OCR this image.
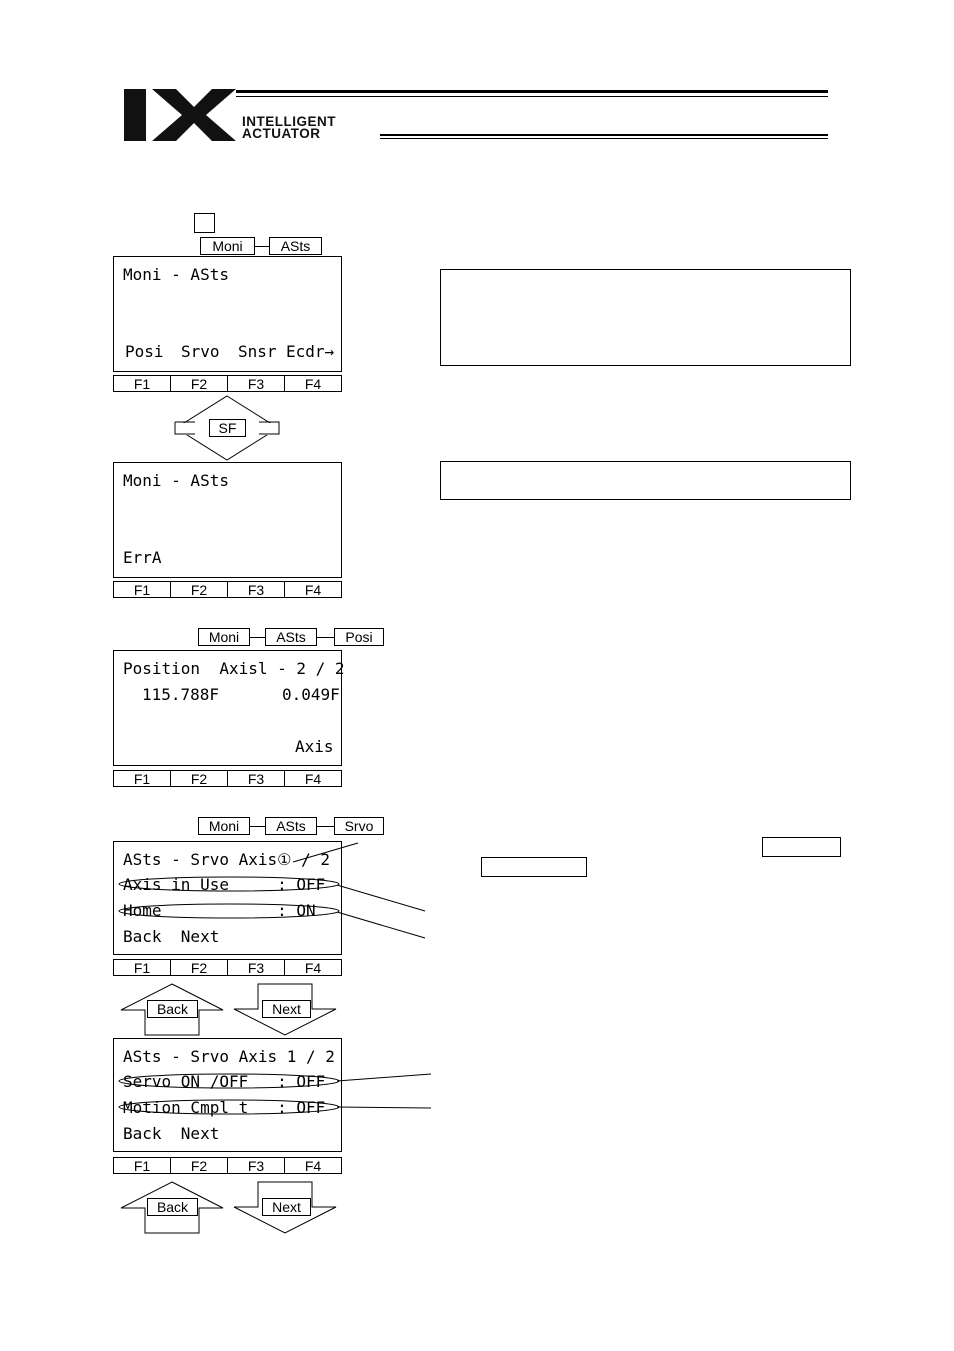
INTELLIGENT
ACTUATOR
Moni	ASts
Moni - ASts
Posi Srvo Snsr Ecdr→
F1	F2	F3	F4
SF
Moni - ASts
ErrA
F1	F2	F3	F4
Moni	ASts	Posi
Position  Axisl - 2 / 2
115.788F	0.049F
Axis
F1	F2	F3	F4
Moni	ASts	Srvo
ASts - Srvo Axis① / 2
Axis in Use     : OFF
Home            : ON
Back  Next
F1	F2	F3	F4
Back	Next
ASts - Srvo Axis 1 / 2
Servo ON /OFF   : OFF
Motion Cmpl t   : OFF
Back  Next
F1	F2	F3	F4
Back	Next
